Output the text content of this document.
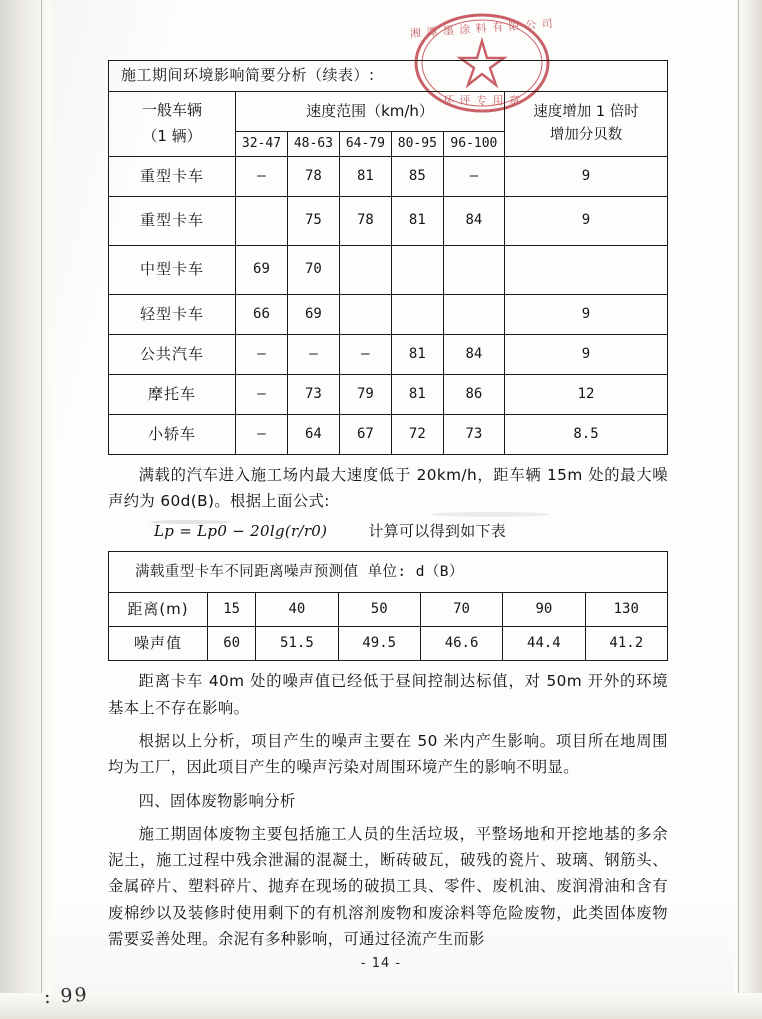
湘 潭 墨 涂 料 有 限 公 司
环 评 专 用 章
施工期间环境影响简要分析（续表）:						

一般车辆
（1 辆）
	速度范围（km/h）	速度增加 1 倍时
增加分贝数

	32-47	48-63	64-79	80-95	96-100	
重型卡车	–	78	81	85	–	9
重型卡车		75	78	81	84	9
中型卡车	69	70				
轻型卡车	66	69				9
公共汽车	–	–	–	81	84	9
摩托车	–	73	79	81	86	12
小轿车	–	64	67	72	73	8.5

满载的汽车进入施工场内最大速度低于 20km/h，距车辆 15m 处的最大噪声约为 60d(B)。根据上面公式:

Lp = Lp0 − 20lg(r/r0)	计算可以得到如下表
满载重型卡车不同距离噪声预测值 单位: d（B）						
距离(m)	15	40	50	70	90	130
噪声值	60	51.5	49.5	46.6	44.4	41.2

距离卡车 40m 处的噪声值已经低于昼间控制达标值，对 50m 开外的环境基本上不存在影响。

根据以上分析，项目产生的噪声主要在 50 米内产生影响。项目所在地周围均为工厂，因此项目产生的噪声污染对周围环境产生的影响不明显。

四、固体废物影响分析

施工期固体废物主要包括施工人员的生活垃圾，平整场地和开挖地基的多余泥土，施工过程中残余泄漏的混凝土，断砖破瓦，破残的瓷片、玻璃、钢筋头、金属碎片、塑料碎片、抛弃在现场的破损工具、零件、废机油、废润滑油和含有废棉纱以及装修时使用剩下的有机溶剂废物和废涂料等危险废物，此类固体废物需要妥善处理。余泥有多种影响，可通过径流产生而影

- 14 -
: 99
